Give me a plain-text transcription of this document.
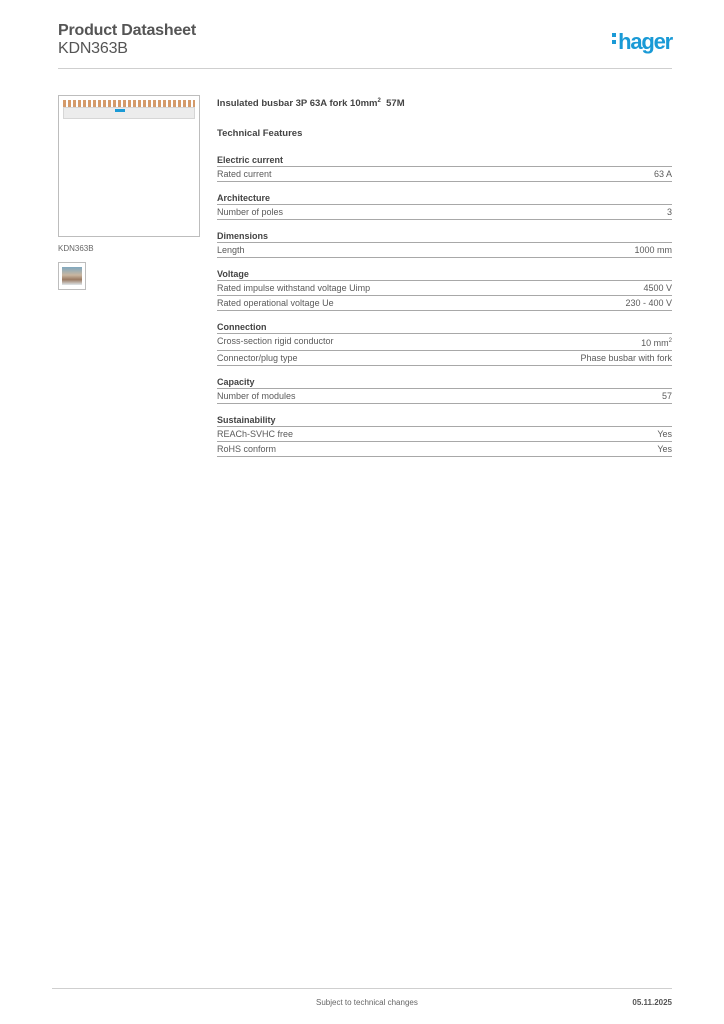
Product Datasheet
KDN363B	hager
KDN363B
Insulated busbar 3P 63A fork $10mm^2$ 57M
Technical Features
Electric current
Rated current	63 A
Architecture
Number of poles	3
Dimensions
Length	1000 mm
Voltage
Rated impulse withstand voltage Uimp	4500 V
Rated operational voltage Ue	230 - 400 V
Connection
Cross-section rigid conductor	10 $mm^2$
Connector/plug type	Phase busbar with fork
Capacity
Number of modules	57
Sustainability
REACh-SVHC free	Yes
RoHS conform	Yes
Subject to technical changes	05.11.2025
